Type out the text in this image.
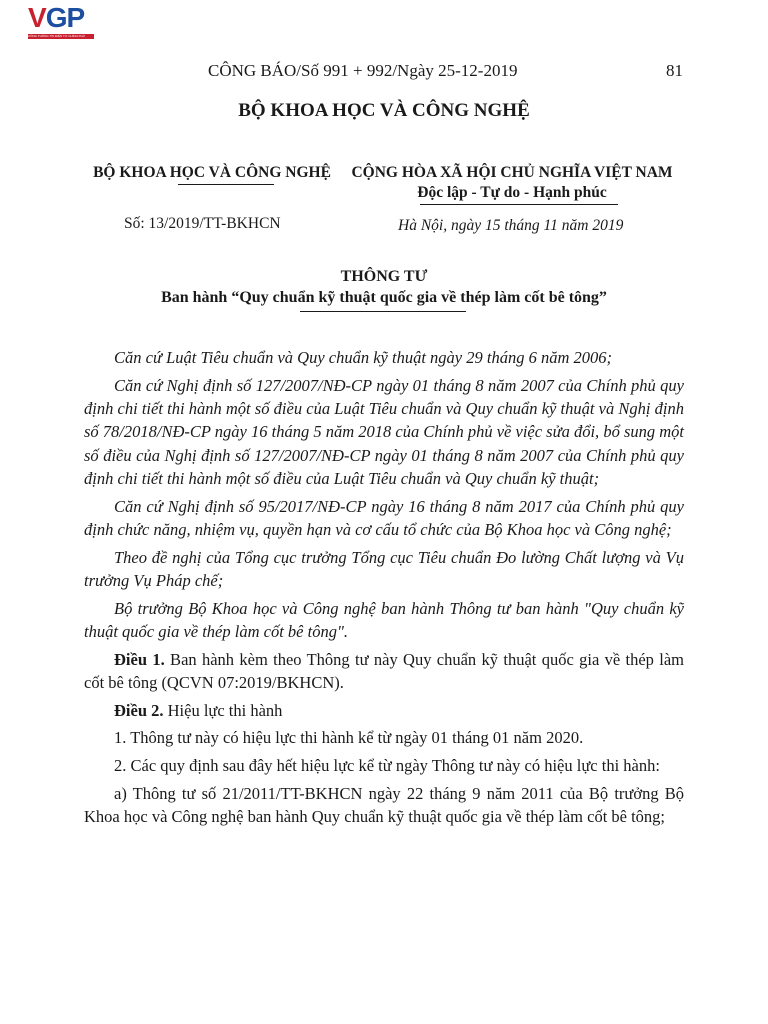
VGP
CỔNG THÔNG TIN ĐIỆN TỬ CHÍNH PHỦ
CÔNG BÁO/Số 991 + 992/Ngày 25-12-2019	81
BỘ KHOA HỌC VÀ CÔNG NGHỆ
BỘ KHOA HỌC VÀ CÔNG NGHỆ	CỘNG HÒA XÃ HỘI CHỦ NGHĨA VIỆT NAM
Độc lập - Tự do - Hạnh phúc
Số: 13/2019/TT-BKHCN	Hà Nội, ngày 15 tháng 11 năm 2019
THÔNG TƯ
Ban hành “Quy chuẩn kỹ thuật quốc gia về thép làm cốt bê tông”

Căn cứ Luật Tiêu chuẩn và Quy chuẩn kỹ thuật ngày 29 tháng 6 năm 2006;

Căn cứ Nghị định số 127/2007/NĐ-CP ngày 01 tháng 8 năm 2007 của Chính phủ quy định chi tiết thi hành một số điều của Luật Tiêu chuẩn và Quy chuẩn kỹ thuật và Nghị định số 78/2018/NĐ-CP ngày 16 tháng 5 năm 2018 của Chính phủ về việc sửa đổi, bổ sung một số điều của Nghị định số 127/2007/NĐ-CP ngày 01 tháng 8 năm 2007 của Chính phủ quy định chi tiết thi hành một số điều của Luật Tiêu chuẩn và Quy chuẩn kỹ thuật;

Căn cứ Nghị định số 95/2017/NĐ-CP ngày 16 tháng 8 năm 2017 của Chính phủ quy định chức năng, nhiệm vụ, quyền hạn và cơ cấu tổ chức của Bộ Khoa học và Công nghệ;

Theo đề nghị của Tổng cục trưởng Tổng cục Tiêu chuẩn Đo lường Chất lượng và Vụ trưởng Vụ Pháp chế;

Bộ trưởng Bộ Khoa học và Công nghệ ban hành Thông tư ban hành "Quy chuẩn kỹ thuật quốc gia về thép làm cốt bê tông".

Điều 1. Ban hành kèm theo Thông tư này Quy chuẩn kỹ thuật quốc gia về thép làm cốt bê tông (QCVN 07:2019/BKHCN).

Điều 2. Hiệu lực thi hành

1. Thông tư này có hiệu lực thi hành kể từ ngày 01 tháng 01 năm 2020.

2. Các quy định sau đây hết hiệu lực kể từ ngày Thông tư này có hiệu lực thi hành:

a) Thông tư số 21/2011/TT-BKHCN ngày 22 tháng 9 năm 2011 của Bộ trưởng Bộ Khoa học và Công nghệ ban hành Quy chuẩn kỹ thuật quốc gia về thép làm cốt bê tông;
